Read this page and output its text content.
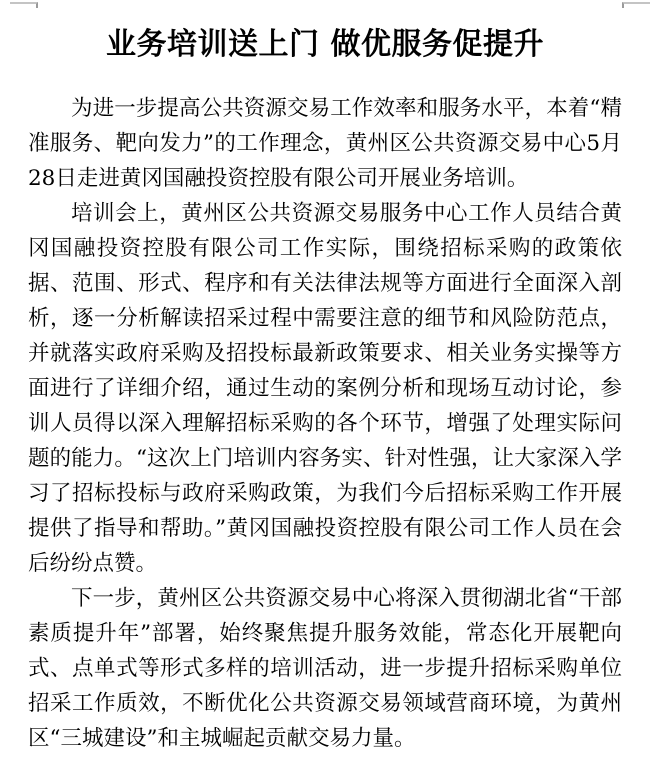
业务培训送上门 做优服务促提升

为进一步提高公共资源交易工作效率和服务水平，本着“精准服务、靶向发力”的工作理念，黄州区公共资源交易中心5月28日走进黄冈国融投资控股有限公司开展业务培训。

培训会上，黄州区公共资源交易服务中心工作人员结合黄冈国融投资控股有限公司工作实际，围绕招标采购的政策依据、范围、形式、程序和有关法律法规等方面进行全面深入剖析，逐一分析解读招采过程中需要注意的细节和风险防范点，并就落实政府采购及招投标最新政策要求、相关业务实操等方面进行了详细介绍，通过生动的案例分析和现场互动讨论，参训人员得以深入理解招标采购的各个环节，增强了处理实际问题的能力。“这次上门培训内容务实、针对性强，让大家深入学习了招标投标与政府采购政策，为我们今后招标采购工作开展提供了指导和帮助。”黄冈国融投资控股有限公司工作人员在会后纷纷点赞。

下一步，黄州区公共资源交易中心将深入贯彻湖北省“干部素质提升年”部署，始终聚焦提升服务效能，常态化开展靶向式、点单式等形式多样的培训活动，进一步提升招标采购单位招采工作质效，不断优化公共资源交易领域营商环境，为黄州区“三城建设”和主城崛起贡献交易力量。
